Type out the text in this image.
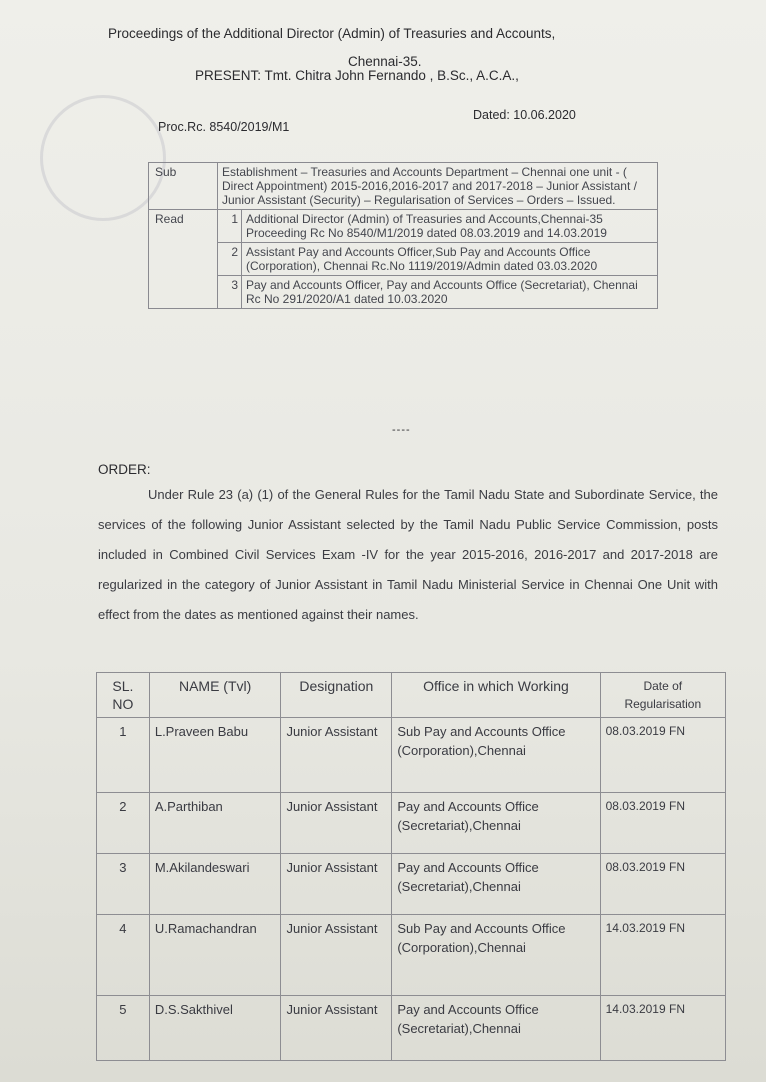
Proceedings of the Additional Director (Admin) of Treasuries and Accounts,
Chennai-35.
PRESENT: Tmt. Chitra John Fernando , B.Sc., A.C.A.,
Proc.Rc. 8540/2019/M1
Dated: 10.06.2020
Sub	Establishment – Treasuries and Accounts Department – Chennai one unit - ( Direct Appointment) 2015-2016,2016-2017 and 2017-2018 – Junior Assistant / Junior Assistant (Security) – Regularisation of Services – Orders – Issued.	
Read	1	Additional Director (Admin) of Treasuries and Accounts,Chennai-35 Proceeding Rc No 8540/M1/2019 dated 08.03.2019 and 14.03.2019
	2	Assistant Pay and Accounts Officer,Sub Pay and Accounts Office (Corporation), Chennai Rc.No 1119/2019/Admin dated 03.03.2020
	3	Pay and Accounts Officer, Pay and Accounts Office (Secretariat), Chennai Rc No 291/2020/A1 dated 10.03.2020
----
ORDER:
Under Rule 23 (a) (1) of the General Rules for the Tamil Nadu State and Subordinate Service, the services of the following Junior Assistant selected by the Tamil Nadu Public Service Commission, posts included in Combined Civil Services Exam -IV for the year 2015-2016, 2016-2017 and 2017-2018 are regularized in the category of Junior Assistant in Tamil Nadu Ministerial Service in Chennai One Unit with effect from the dates as mentioned against their names.
SL. NO	NAME (Tvl)	Designation	Office in which Working	Date of Regularisation
1	L.Praveen Babu	Junior Assistant	Sub Pay and Accounts Office (Corporation),Chennai	08.03.2019 FN
2	A.Parthiban	Junior Assistant	Pay and Accounts Office (Secretariat),Chennai	08.03.2019 FN
3	M.Akilandeswari	Junior Assistant	Pay and Accounts Office (Secretariat),Chennai	08.03.2019 FN
4	U.Ramachandran	Junior Assistant	Sub Pay and Accounts Office (Corporation),Chennai	14.03.2019 FN
5	D.S.Sakthivel	Junior Assistant	Pay and Accounts Office (Secretariat),Chennai	14.03.2019 FN
